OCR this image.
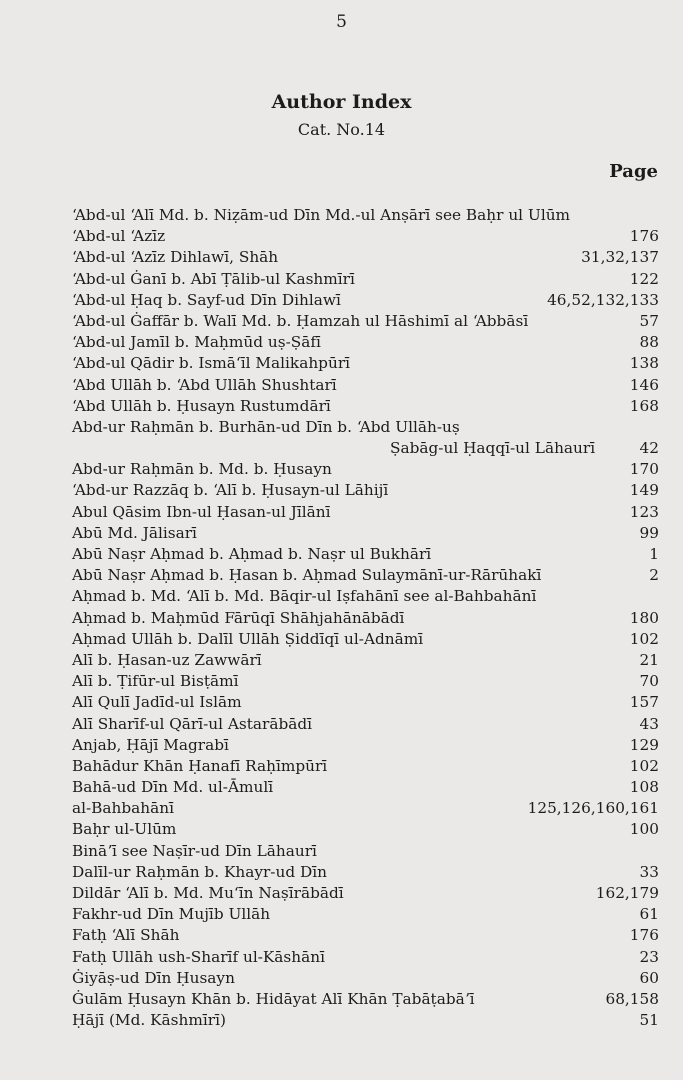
5
Author Index
Cat. No.14
Page
ʻAbd-ul ʻAlī Md. b. Niẓām-ud Dīn Md.-ul Anṣārī see Baḥr ul Ulūm
ʻAbd-ul ʻAzīz	176
ʻAbd-ul ʻAzīz Dihlawī, Shāh	31,32,137
ʻAbd-ul Ġanī b. Abī Ṭālib-ul Kashmīrī	122
ʻAbd-ul Ḥaq b. Sayf-ud Dīn Dihlawī	46,52,132,133
ʻAbd-ul Ġaffār b. Walī Md. b. Ḥamzah ul Hāshimī al ʻAbbāsī	57
ʻAbd-ul Jamīl b. Maḥmūd uṣ-Ṣāfī	88
ʻAbd-ul Qādir b. Ismāʻīl Malikahpūrī	138
ʻAbd Ullāh b. ʻAbd Ullāh Shushtarī	146
ʻAbd Ullāh b. Ḥusayn Rustumdārī	168
Abd-ur Raḥmān b. Burhān-ud Dīn b. ʻAbd Ullāh-uṣ
Ṣabāg-ul Ḥaqqī-ul Lāhaurī	42
Abd-ur Raḥmān b. Md. b. Ḥusayn	170
ʻAbd-ur Razzāq b. ʻAlī b. Ḥusayn-ul Lāhijī	149
Abul Qāsim Ibn-ul Ḥasan-ul Jīlānī	123
Abū Md. Jālisarī	99
Abū Naṣr Aḥmad b. Aḥmad b. Naṣr ul Bukhārī	1
Abū Naṣr Aḥmad b. Ḥasan b. Aḥmad Sulaymānī-ur-Rārūhakī	2
Aḥmad b. Md. ʻAlī b. Md. Bāqir-ul Iṣfahānī see al-Bahbahānī
Aḥmad b. Maḥmūd Fārūqī Shāhjahānābādī	180
Aḥmad Ullāh b. Dalīl Ullāh Ṣiddīqī ul-Adnāmī	102
Alī b. Ḥasan-uz Zawwārī	21
Alī b. Ṭifūr-ul Bisṭāmī	70
Alī Qulī Jadīd-ul Islām	157
Alī Sharīf-ul Qārī-ul Astarābādī	43
Anjab, Ḥājī Magrabī	129
Bahādur Khān Ḥanafī Raḥīmpūrī	102
Bahā-ud Dīn Md. ul-Āmulī	108
al-Bahbahānī	125,126,160,161
Baḥr ul-Ulūm	100
Bināʼī see Naṣīr-ud Dīn Lāhaurī
Dalīl-ur Raḥmān b. Khayr-ud Dīn	33
Dildār ʻAlī b. Md. Muʻīn Naṣīrābādī	162,179
Fakhr-ud Dīn Mujīb Ullāh	61
Fatḥ ʻAlī Shāh	176
Fatḥ Ullāh ush-Sharīf ul-Kāshānī	23
Ġiyāṣ-ud Dīn Ḥusayn	60
Ġulām Ḥusayn Khān b. Hidāyat Alī Khān Ṭabāṭabāʼī	68,158
Ḥājī (Md. Kāshmīrī)	51
